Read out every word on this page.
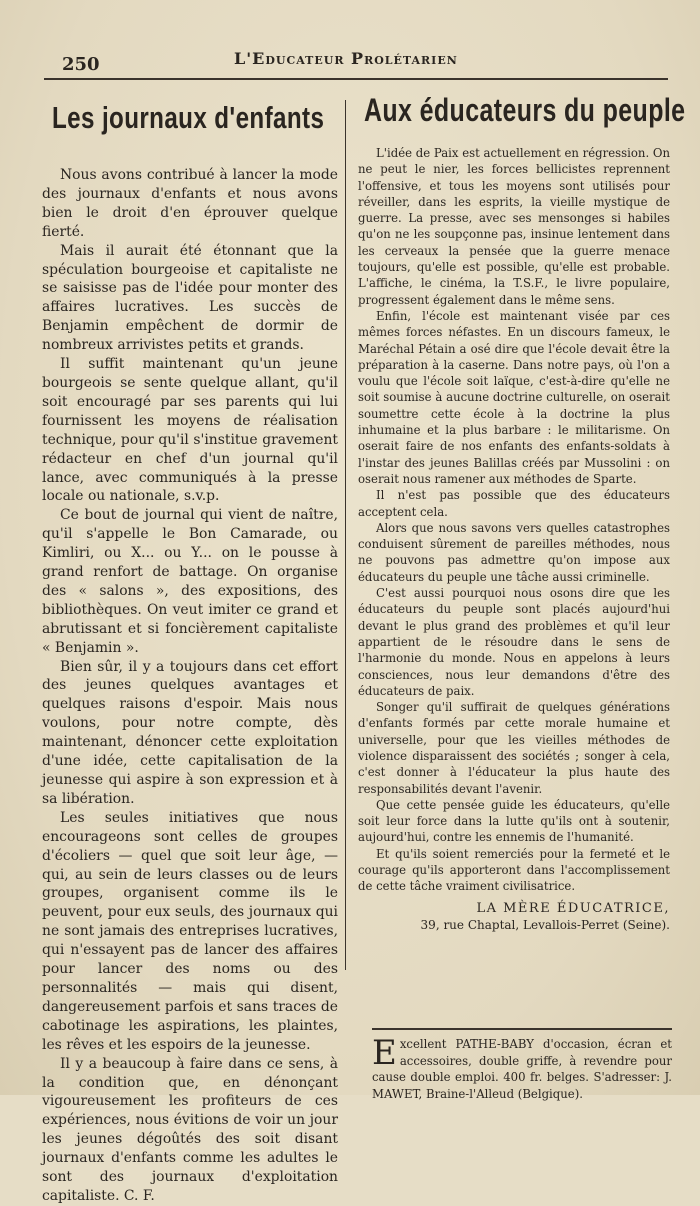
250	L'Educateur Prolétarien
Les journaux d'enfants

Nous avons contribué à lancer la mode des journaux d'enfants et nous avons bien le droit d'en éprouver quelque fierté.

Mais il aurait été étonnant que la spéculation bourgeoise et capitaliste ne se saisisse pas de l'idée pour monter des affaires lucratives. Les succès de Benjamin empêchent de dormir de nombreux arrivistes petits et grands.

Il suffit maintenant qu'un jeune bourgeois se sente quelque allant, qu'il soit encouragé par ses parents qui lui fournissent les moyens de réalisation technique, pour qu'il s'institue gravement rédacteur en chef d'un journal qu'il lance, avec communiqués à la presse locale ou nationale, s.v.p.

Ce bout de journal qui vient de naître, qu'il s'appelle le Bon Camarade, ou Kimliri, ou X... ou Y... on le pousse à grand renfort de battage. On organise des « salons », des expositions, des bibliothèques. On veut imiter ce grand et abrutissant et si foncièrement capitaliste « Benjamin ».

Bien sûr, il y a toujours dans cet effort des jeunes quelques avantages et quelques raisons d'espoir. Mais nous voulons, pour notre compte, dès maintenant, dénoncer cette exploitation d'une idée, cette capitalisation de la jeunesse qui aspire à son expression et à sa libération.

Les seules initiatives que nous encourageons sont celles de groupes d'écoliers — quel que soit leur âge, — qui, au sein de leurs classes ou de leurs groupes, organisent comme ils le peuvent, pour eux seuls, des journaux qui ne sont jamais des entreprises lucratives, qui n'essayent pas de lancer des affaires pour lancer des noms ou des personnalités — mais qui disent, dangereusement parfois et sans traces de cabotinage les aspirations, les plaintes, les rêves et les espoirs de la jeunesse.

Il y a beaucoup à faire dans ce sens, à la condition que, en dénonçant vigoureusement les profiteurs de ces expériences, nous évitions de voir un jour les jeunes dégoûtés des soit disant journaux d'enfants comme les adultes le sont des journaux d'exploitation capitaliste. C. F.

Aux éducateurs du peuple

L'idée de Paix est actuellement en régression. On ne peut le nier, les forces bellicistes reprennent l'offensive, et tous les moyens sont utilisés pour réveiller, dans les esprits, la vieille mystique de guerre. La presse, avec ses mensonges si habiles qu'on ne les soupçonne pas, insinue lentement dans les cerveaux la pensée que la guerre menace toujours, qu'elle est possible, qu'elle est probable. L'affiche, le cinéma, la T.S.F., le livre populaire, progressent également dans le même sens.

Enfin, l'école est maintenant visée par ces mêmes forces néfastes. En un discours fameux, le Maréchal Pétain a osé dire que l'école devait être la préparation à la caserne. Dans notre pays, où l'on a voulu que l'école soit laïque, c'est-à-dire qu'elle ne soit soumise à aucune doctrine culturelle, on oserait soumettre cette école à la doctrine la plus inhumaine et la plus barbare : le militarisme. On oserait faire de nos enfants des enfants-soldats à l'instar des jeunes Balillas créés par Mussolini : on oserait nous ramener aux méthodes de Sparte.

Il n'est pas possible que des éducateurs acceptent cela.

Alors que nous savons vers quelles catastrophes conduisent sûrement de pareilles méthodes, nous ne pouvons pas admettre qu'on impose aux éducateurs du peuple une tâche aussi criminelle.

C'est aussi pourquoi nous osons dire que les éducateurs du peuple sont placés aujourd'hui devant le plus grand des problèmes et qu'il leur appartient de le résoudre dans le sens de l'harmonie du monde. Nous en appelons à leurs consciences, nous leur demandons d'être des éducateurs de paix.

Songer qu'il suffirait de quelques générations d'enfants formés par cette morale humaine et universelle, pour que les vieilles méthodes de violence disparaissent des sociétés ; songer à cela, c'est donner à l'éducateur la plus haute des responsabilités devant l'avenir.

Que cette pensée guide les éducateurs, qu'elle soit leur force dans la lutte qu'ils ont à soutenir, aujourd'hui, contre les ennemis de l'humanité.

Et qu'ils soient remerciés pour la fermeté et le courage qu'ils apporteront dans l'accomplissement de cette tâche vraiment civilisatrice.

LA MÈRE ÉDUCATRICE,
39, rue Chaptal, Levallois-Perret (Seine).
E xcellent PATHE-BABY d'occasion, écran et accessoires, double griffe, à revendre pour cause double emploi. 400 fr. belges. S'adresser: J. MAWET, Braine-l'Alleud (Belgique).
